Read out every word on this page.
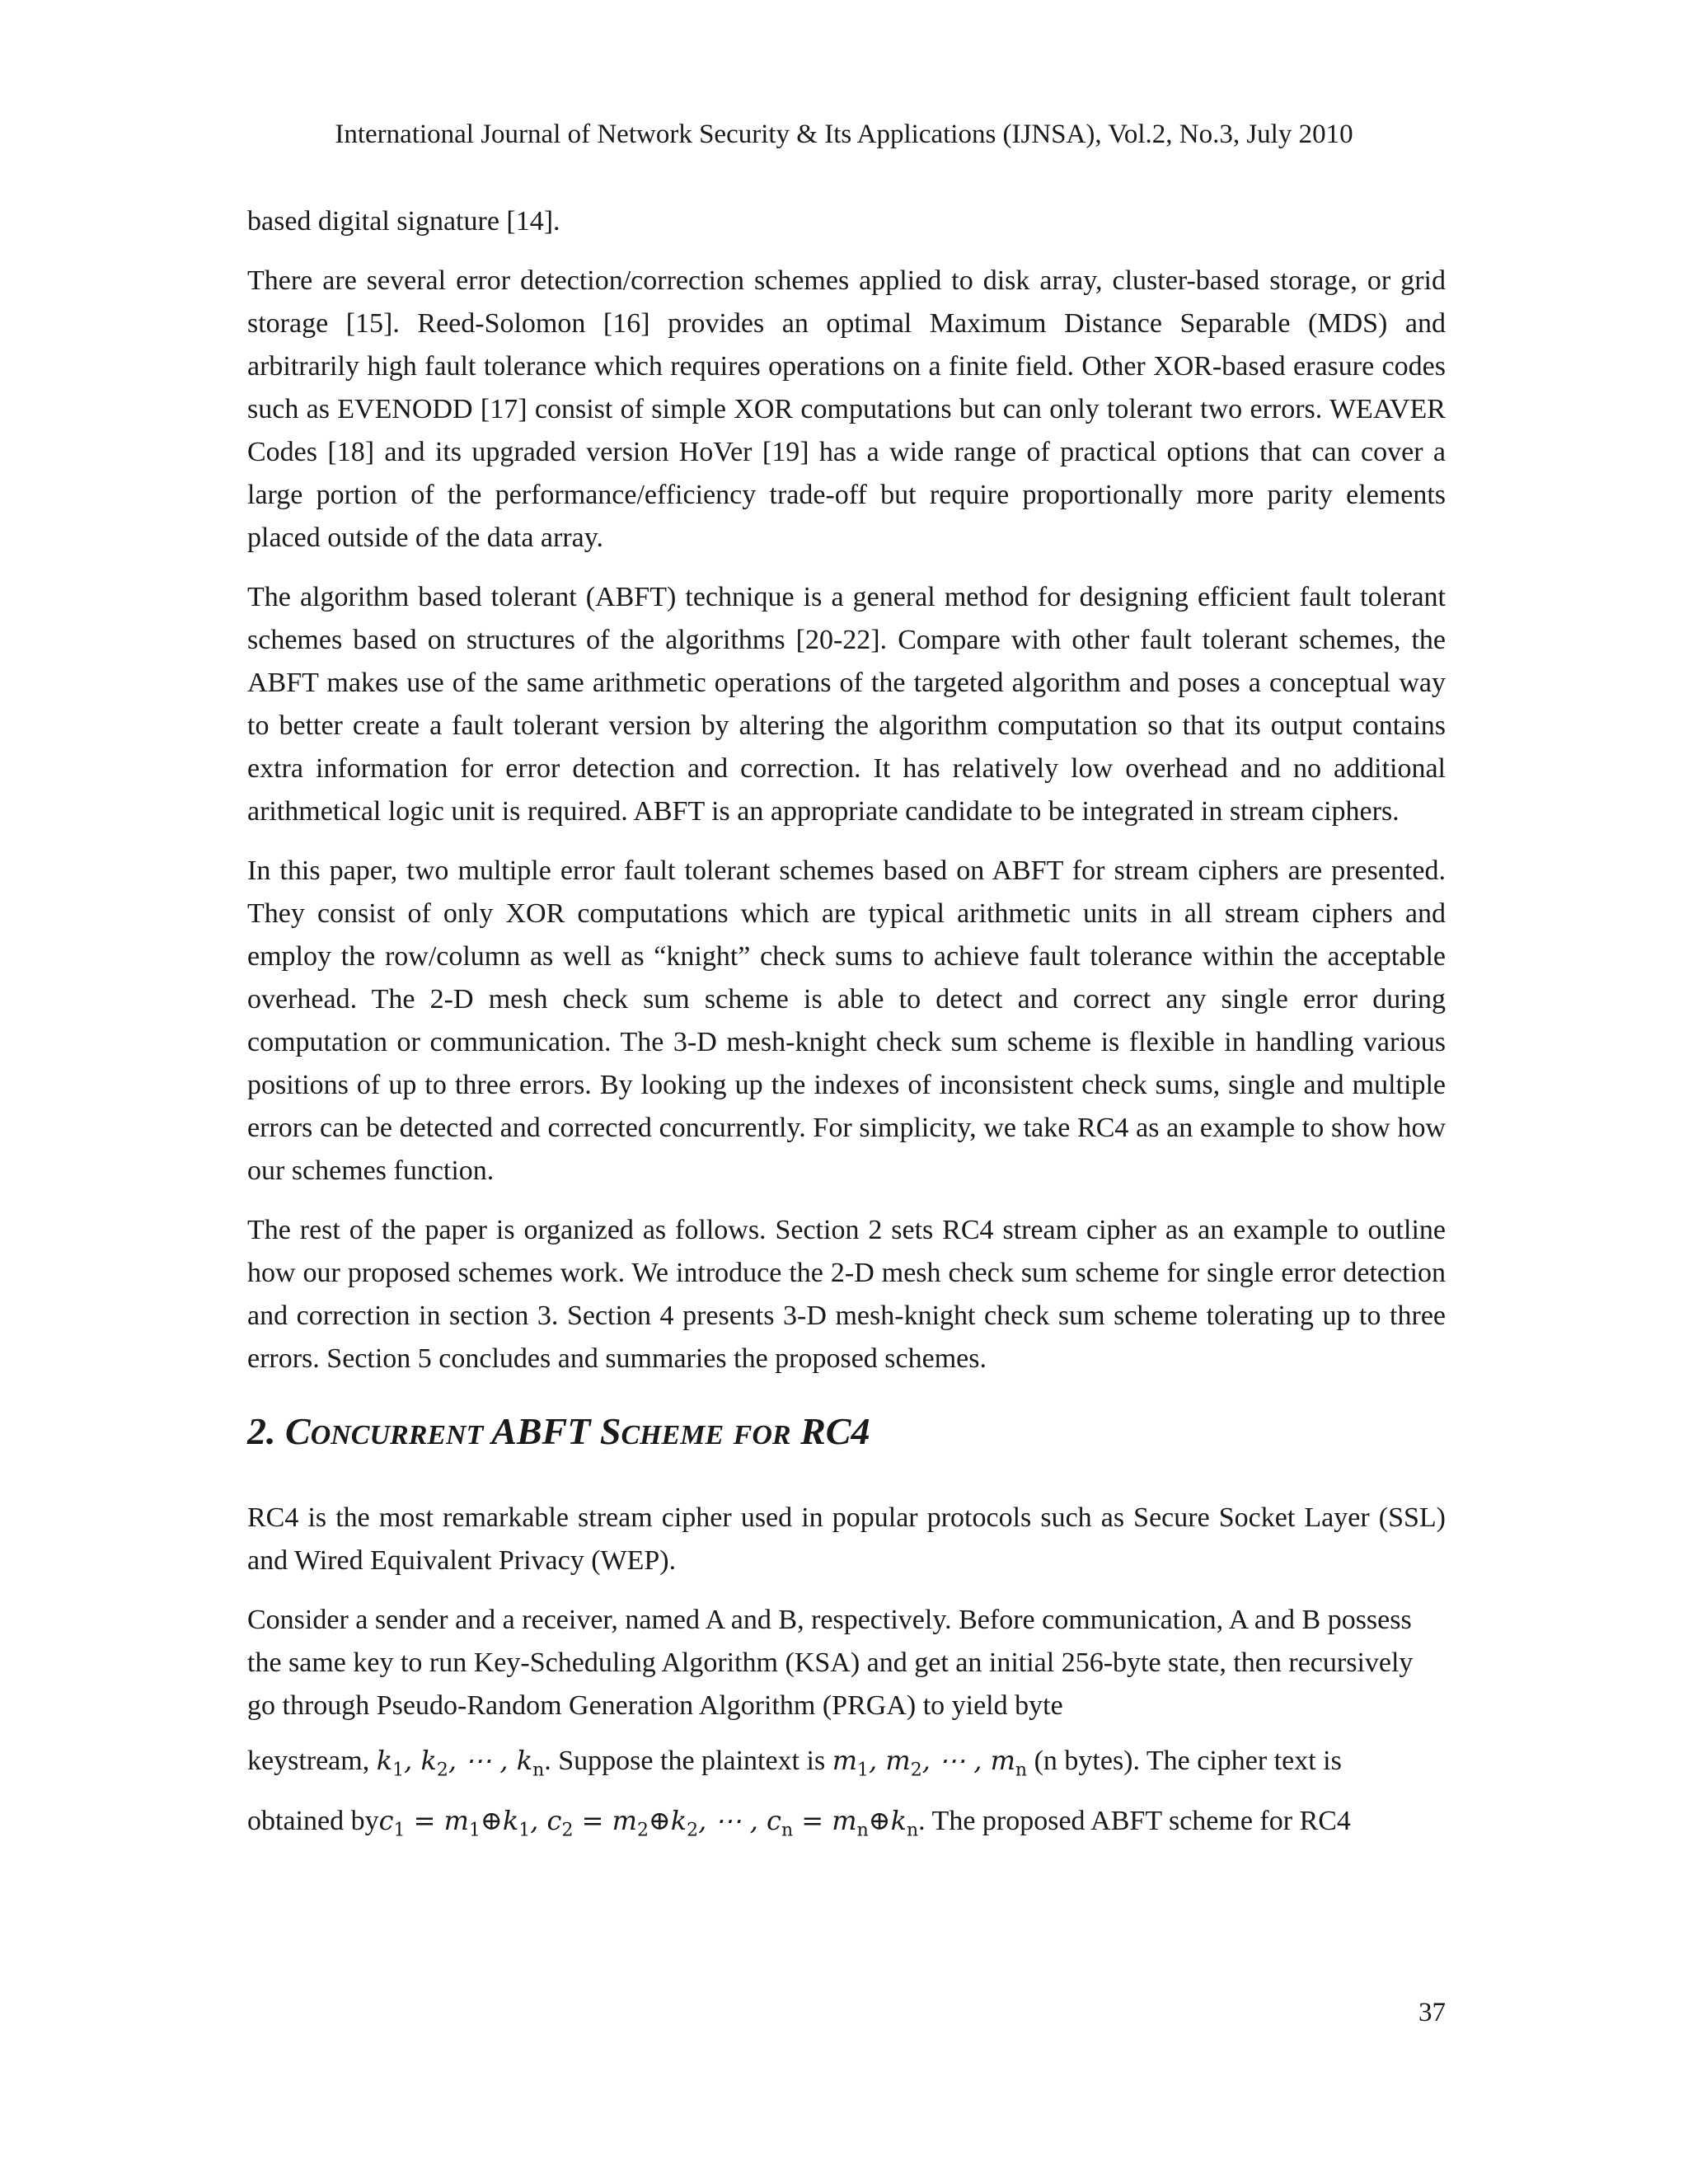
International Journal of Network Security & Its Applications (IJNSA), Vol.2, No.3, July 2010

based digital signature [14].

There are several error detection/correction schemes applied to disk array, cluster-based storage, or grid storage [15]. Reed-Solomon [16] provides an optimal Maximum Distance Separable (MDS) and arbitrarily high fault tolerance which requires operations on a finite field. Other XOR-based erasure codes such as EVENODD [17] consist of simple XOR computations but can only tolerant two errors. WEAVER Codes [18] and its upgraded version HoVer [19] has a wide range of practical options that can cover a large portion of the performance/efficiency trade-off but require proportionally more parity elements placed outside of the data array.

The algorithm based tolerant (ABFT) technique is a general method for designing efficient fault tolerant schemes based on structures of the algorithms [20-22]. Compare with other fault tolerant schemes, the ABFT makes use of the same arithmetic operations of the targeted algorithm and poses a conceptual way to better create a fault tolerant version by altering the algorithm computation so that its output contains extra information for error detection and correction. It has relatively low overhead and no additional arithmetical logic unit is required. ABFT is an appropriate candidate to be integrated in stream ciphers.

In this paper, two multiple error fault tolerant schemes based on ABFT for stream ciphers are presented. They consist of only XOR computations which are typical arithmetic units in all stream ciphers and employ the row/column as well as “knight” check sums to achieve fault tolerance within the acceptable overhead. The 2-D mesh check sum scheme is able to detect and correct any single error during computation or communication. The 3-D mesh-knight check sum scheme is flexible in handling various positions of up to three errors. By looking up the indexes of inconsistent check sums, single and multiple errors can be detected and corrected concurrently. For simplicity, we take RC4 as an example to show how our schemes function.

The rest of the paper is organized as follows. Section 2 sets RC4 stream cipher as an example to outline how our proposed schemes work. We introduce the 2-D mesh check sum scheme for single error detection and correction in section 3. Section 4 presents 3-D mesh-knight check sum scheme tolerating up to three errors. Section 5 concludes and summaries the proposed schemes.

2. CONCURRENT ABFT SCHEME FOR RC4

RC4 is the most remarkable stream cipher used in popular protocols such as Secure Socket Layer (SSL) and Wired Equivalent Privacy (WEP).

Consider a sender and a receiver, named A and B, respectively. Before communication, A and B possess the same key to run Key-Scheduling Algorithm (KSA) and get an initial 256-byte state, then recursively go through Pseudo-Random Generation Algorithm (PRGA) to yield byte

keystream, $k_1$, $k_2$, ⋯ , $k_n$. Suppose the plaintext is $m_1$, $m_2$, ⋯ , $m_n$ (n bytes). The cipher text is
obtained $byc_1 = m_1\oplus k_1$, $c_2$ = $m_2\oplus k_2$, ⋯ , $c_n$ = $m_n\oplus k_n$. The proposed ABFT scheme for RC4
37
